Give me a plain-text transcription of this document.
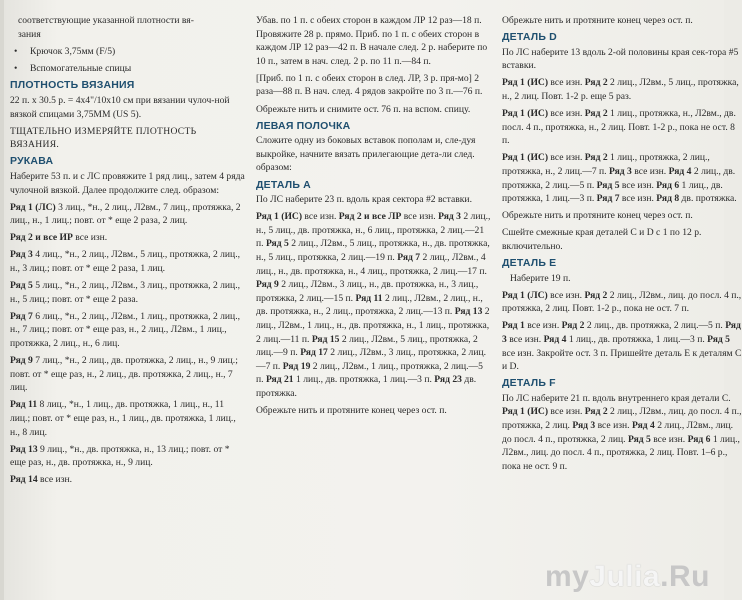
соответствующие указанной плотности вя-

зания

• Крючок 3,75мм (F/5)

• Вспомогательные спицы

ПЛОТНОСТЬ ВЯЗАНИЯ

22 п. х 30.5 р. = 4х4"/10х10 см при вязании чулоч-ной вязкой спицами 3,75ММ (US 5).

ТЩАТЕЛЬНО ИЗМЕРЯЙТЕ ПЛОТНОСТЬ ВЯЗАНИЯ.

РУКАВА

Наберите 53 п. и с ЛС провяжите 1 ряд лиц., затем 4 ряда чулочной вязкой. Далее продолжите след. образом:

Ряд 1 (ЛС) 3 лиц., *н., 2 лиц., Л2вм., 7 лиц., протяжка, 2 лиц., н., 1 лиц.; повт. от * еще 2 раза, 2 лиц.

Ряд 2 и все ИР все изн.

Ряд 3 4 лиц., *н., 2 лиц., Л2вм., 5 лиц., протяжка, 2 лиц., н., 3 лиц.; повт. от * еще 2 раза, 1 лиц.

Ряд 5 5 лиц., *н., 2 лиц., Л2вм., 3 лиц., протяжка, 2 лиц., н., 5 лиц.; повт. от * еще 2 раза.

Ряд 7 6 лиц., *н., 2 лиц., Л2вм., 1 лиц., протяжка, 2 лиц., н., 7 лиц.; повт. от * еще раз, н., 2 лиц., Л2вм., 1 лиц., протяжка, 2 лиц., н., 6 лиц.

Ряд 9 7 лиц., *н., 2 лиц., дв. протяжка, 2 лиц., н., 9 лиц.; повт. от * еще раз, н., 2 лиц., дв. протяжка, 2 лиц., н., 7 лиц.

Ряд 11 8 лиц., *н., 1 лиц., дв. протяжка, 1 лиц., н., 11 лиц.; повт. от * еще раз, н., 1 лиц., дв. протяжка, 1 лиц., н., 8 лиц.

Ряд 13 9 лиц., *н., дв. протяжка, н., 13 лиц.; повт. от * еще раз, н., дв. протяжка, н., 9 лиц.

Ряд 14 все изн.

Убав. по 1 п. с обеих сторон в каждом ЛР 12 раз—18 п. Провяжите 28 р. прямо. Приб. по 1 п. с обеих сторон в каждом ЛР 12 раз—42 п. В начале след. 2 р. наберите по 10 п., затем в нач. след. 2 р. по 11 п.—84 п.

[Приб. по 1 п. с обеих сторон в след. ЛР, 3 р. пря-мо] 2 раза—88 п. В нач. след. 4 рядов закройте по 3 п.—76 п.

Обрежьте нить и снимите ост. 76 п. на вспом. спицу.

ЛЕВАЯ ПОЛОЧКА

Сложите одну из боковых вставок пополам и, сле-дуя выкройке, начните вязать прилегающие дета-ли след. образом:

ДЕТАЛЬ А

По ЛС наберите 23 п. вдоль края сектора #2 вставки.

Ряд 1 (ИС) все изн. Ряд 2 и все ЛР все изн. Ряд 3 2 лиц., н., 5 лиц., дв. протяжка, н., 6 лиц., протяжка, 2 лиц.—21 п. Ряд 5 2 лиц., Л2вм., 5 лиц., протяжка, н., дв. протяжка, н., 5 лиц., протяжка, 2 лиц.—19 п. Ряд 7 2 лиц., Л2вм., 4 лиц., н., дв. протяжка, н., 4 лиц., протяжка, 2 лиц.—17 п. Ряд 9 2 лиц., Л2вм., 3 лиц., н., дв. протяжка, н., 3 лиц., протяжка, 2 лиц.—15 п. Ряд 11 2 лиц., Л2вм., 2 лиц., н., дв. протяжка, н., 2 лиц., протяжка, 2 лиц.—13 п. Ряд 13 2 лиц., Л2вм., 1 лиц., н., дв. протяжка, н., 1 лиц., протяжка, 2 лиц.—11 п. Ряд 15 2 лиц., Л2вм., 5 лиц., протяжка, 2 лиц.—9 п. Ряд 17 2 лиц., Л2вм., 3 лиц., протяжка, 2 лиц.—7 п. Ряд 19 2 лиц., Л2вм., 1 лиц., протяжка, 2 лиц.—5 п. Ряд 21 1 лиц., дв. протяжка, 1 лиц.—3 п. Ряд 23 дв. протяжка.

Обрежьте нить и протяните конец через ост. п.

Обрежьте нить и протяните конец через ост. п.

ДЕТАЛЬ D

По ЛС наберите 13 вдоль 2-ой половины края сек-тора #5 вставки.

Ряд 1 (ИС) все изн. Ряд 2 2 лиц., Л2вм., 5 лиц., протяжка, н., 2 лиц. Повт. 1-2 р. еще 5 раз.

Ряд 1 (ИС) все изн. Ряд 2 1 лиц., протяжка, н., Л2вм., дв. посл. 4 п., протяжка, н., 2 лиц. Повт. 1-2 р., пока не ост. 8 п.

Ряд 1 (ИС) все изн. Ряд 2 1 лиц., протяжка, 2 лиц., протяжка, н., 2 лиц.—7 п. Ряд 3 все изн. Ряд 4 2 лиц., дв. протяжка, 2 лиц.—5 п. Ряд 5 все изн. Ряд 6 1 лиц., дв. протяжка, 1 лиц.—3 п. Ряд 7 все изн. Ряд 8 дв. протяжка.

Обрежьте нить и протяните конец через ост. п.

Сшейте смежные края деталей С и D с 1 по 12 р. включительно.

ДЕТАЛЬ E

Наберите 19 п.

Ряд 1 (ЛС) все изн. Ряд 2 2 лиц., Л2вм., лиц. до посл. 4 п., протяжка, 2 лиц. Повт. 1-2 р., пока не ост. 7 п.

Ряд 1 все изн. Ряд 2 2 лиц., дв. протяжка, 2 лиц.—5 п. Ряд 3 все изн. Ряд 4 1 лиц., дв. протяжка, 1 лиц.—3 п. Ряд 5 все изн. Закройте ост. 3 п. Пришейте деталь Е к деталям С и D.

ДЕТАЛЬ F

По ЛС наберите 21 п. вдоль внутреннего края детали С. Ряд 1 (ИС) все изн. Ряд 2 2 лиц., Л2вм., лиц. до посл. 4 п., протяжка, 2 лиц. Ряд 3 все изн. Ряд 4 2 лиц., Л2вм., лиц. до посл. 4 п., протяжка, 2 лиц. Ряд 5 все изн. Ряд 6 1 лиц., Л2вм., лиц. до посл. 4 п., протяжка, 2 лиц. Повт. 1–6 р., пока не ост. 9 п.

myJulia.Ru
